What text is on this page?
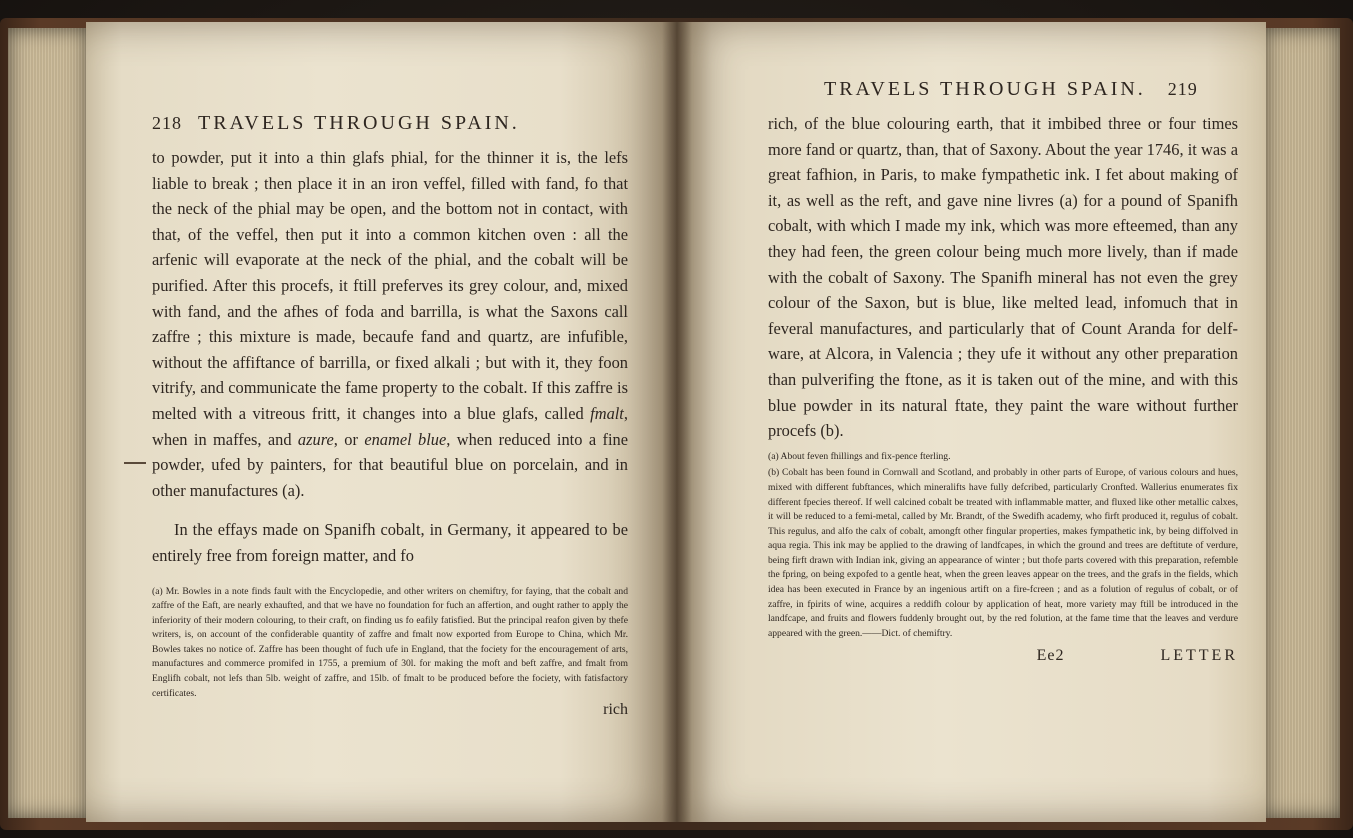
218 TRAVELS THROUGH SPAIN.

to powder, put it into a thin glafs phial, for the thinner it is, the lefs liable to break ; then place it in an iron veffel, filled with fand, fo that the neck of the phial may be open, and the bottom not in contact, with that, of the veffel, then put it into a common kitchen oven : all the arfenic will evaporate at the neck of the phial, and the cobalt will be purified. After this procefs, it ftill preferves its grey colour, and, mixed with fand, and the afhes of foda and barrilla, is what the Saxons call zaffre ; this mixture is made, becaufe fand and quartz, are infufible, without the affiftance of barrilla, or fixed alkali ; but with it, they foon vitrify, and communicate the fame property to the cobalt. If this zaffre is melted with a vitreous fritt, it changes into a blue glafs, called fmalt, when in maffes, and azure, or enamel blue, when reduced into a fine powder, ufed by painters, for that beautiful blue on porcelain, and in other manufactures (a).

In the effays made on Spanifh cobalt, in Germany, it appeared to be entirely free from foreign matter, and fo

(a) Mr. Bowles in a note finds fault with the Encyclopedie, and other writers on chemiftry, for faying, that the cobalt and zaffre of the Eaft, are nearly exhaufted, and that we have no foundation for fuch an affertion, and ought rather to apply the inferiority of their modern colouring, to their craft, on finding us fo eafily fatisfied. But the principal reafon given by thefe writers, is, on account of the confiderable quantity of zaffre and fmalt now exported from Europe to China, which Mr. Bowles takes no notice of. Zaffre has been thought of fuch ufe in England, that the fociety for the encouragement of arts, manufactures and commerce promifed in 1755, a premium of 30l. for making the moft and beft zaffre, and fmalt from Englifh cobalt, not lefs than 5lb. weight of zaffre, and 15lb. of fmalt to be produced before the fociety, with fatisfactory certificates.

rich
TRAVELS THROUGH SPAIN. 219

rich, of the blue colouring earth, that it imbibed three or four times more fand or quartz, than, that of Saxony. About the year 1746, it was a great fafhion, in Paris, to make fympathetic ink. I fet about making of it, as well as the reft, and gave nine livres (a) for a pound of Spanifh cobalt, with which I made my ink, which was more efteemed, than any they had feen, the green colour being much more lively, than if made with the cobalt of Saxony. The Spanifh mineral has not even the grey colour of the Saxon, but is blue, like melted lead, infomuch that in feveral manufactures, and particularly that of Count Aranda for delf-ware, at Alcora, in Valencia ; they ufe it without any other preparation than pulverifing the ftone, as it is taken out of the mine, and with this blue powder in its natural ftate, they paint the ware without further procefs (b).

(a) About feven fhillings and fix-pence fterling.

(b) Cobalt has been found in Cornwall and Scotland, and probably in other parts of Europe, of various colours and hues, mixed with different fubftances, which mineralifts have fully defcribed, particularly Cronfted. Wallerius enumerates fix different fpecies thereof. If well calcined cobalt be treated with inflammable matter, and fluxed like other metallic calxes, it will be reduced to a femi-metal, called by Mr. Brandt, of the Swedifh academy, who firft produced it, regulus of cobalt. This regulus, and alfo the calx of cobalt, amongft other fingular properties, makes fympathetic ink, by being diffolved in aqua regia. This ink may be applied to the drawing of landfcapes, in which the ground and trees are deftitute of verdure, being firft drawn with Indian ink, giving an appearance of winter ; but thofe parts covered with this preparation, refemble the fpring, on being expofed to a gentle heat, when the green leaves appear on the trees, and the grafs in the fields, which idea has been executed in France by an ingenious artift on a fire-fcreen ; and as a folution of regulus of cobalt, or of zaffre, in fpirits of wine, acquires a reddifh colour by application of heat, more variety may ftill be introduced in the landfcape, and fruits and flowers fuddenly brought out, by the red folution, at the fame time that the leaves and verdure appeared with the green.——Dict. of chemiftry.

Ee2	LETTER
